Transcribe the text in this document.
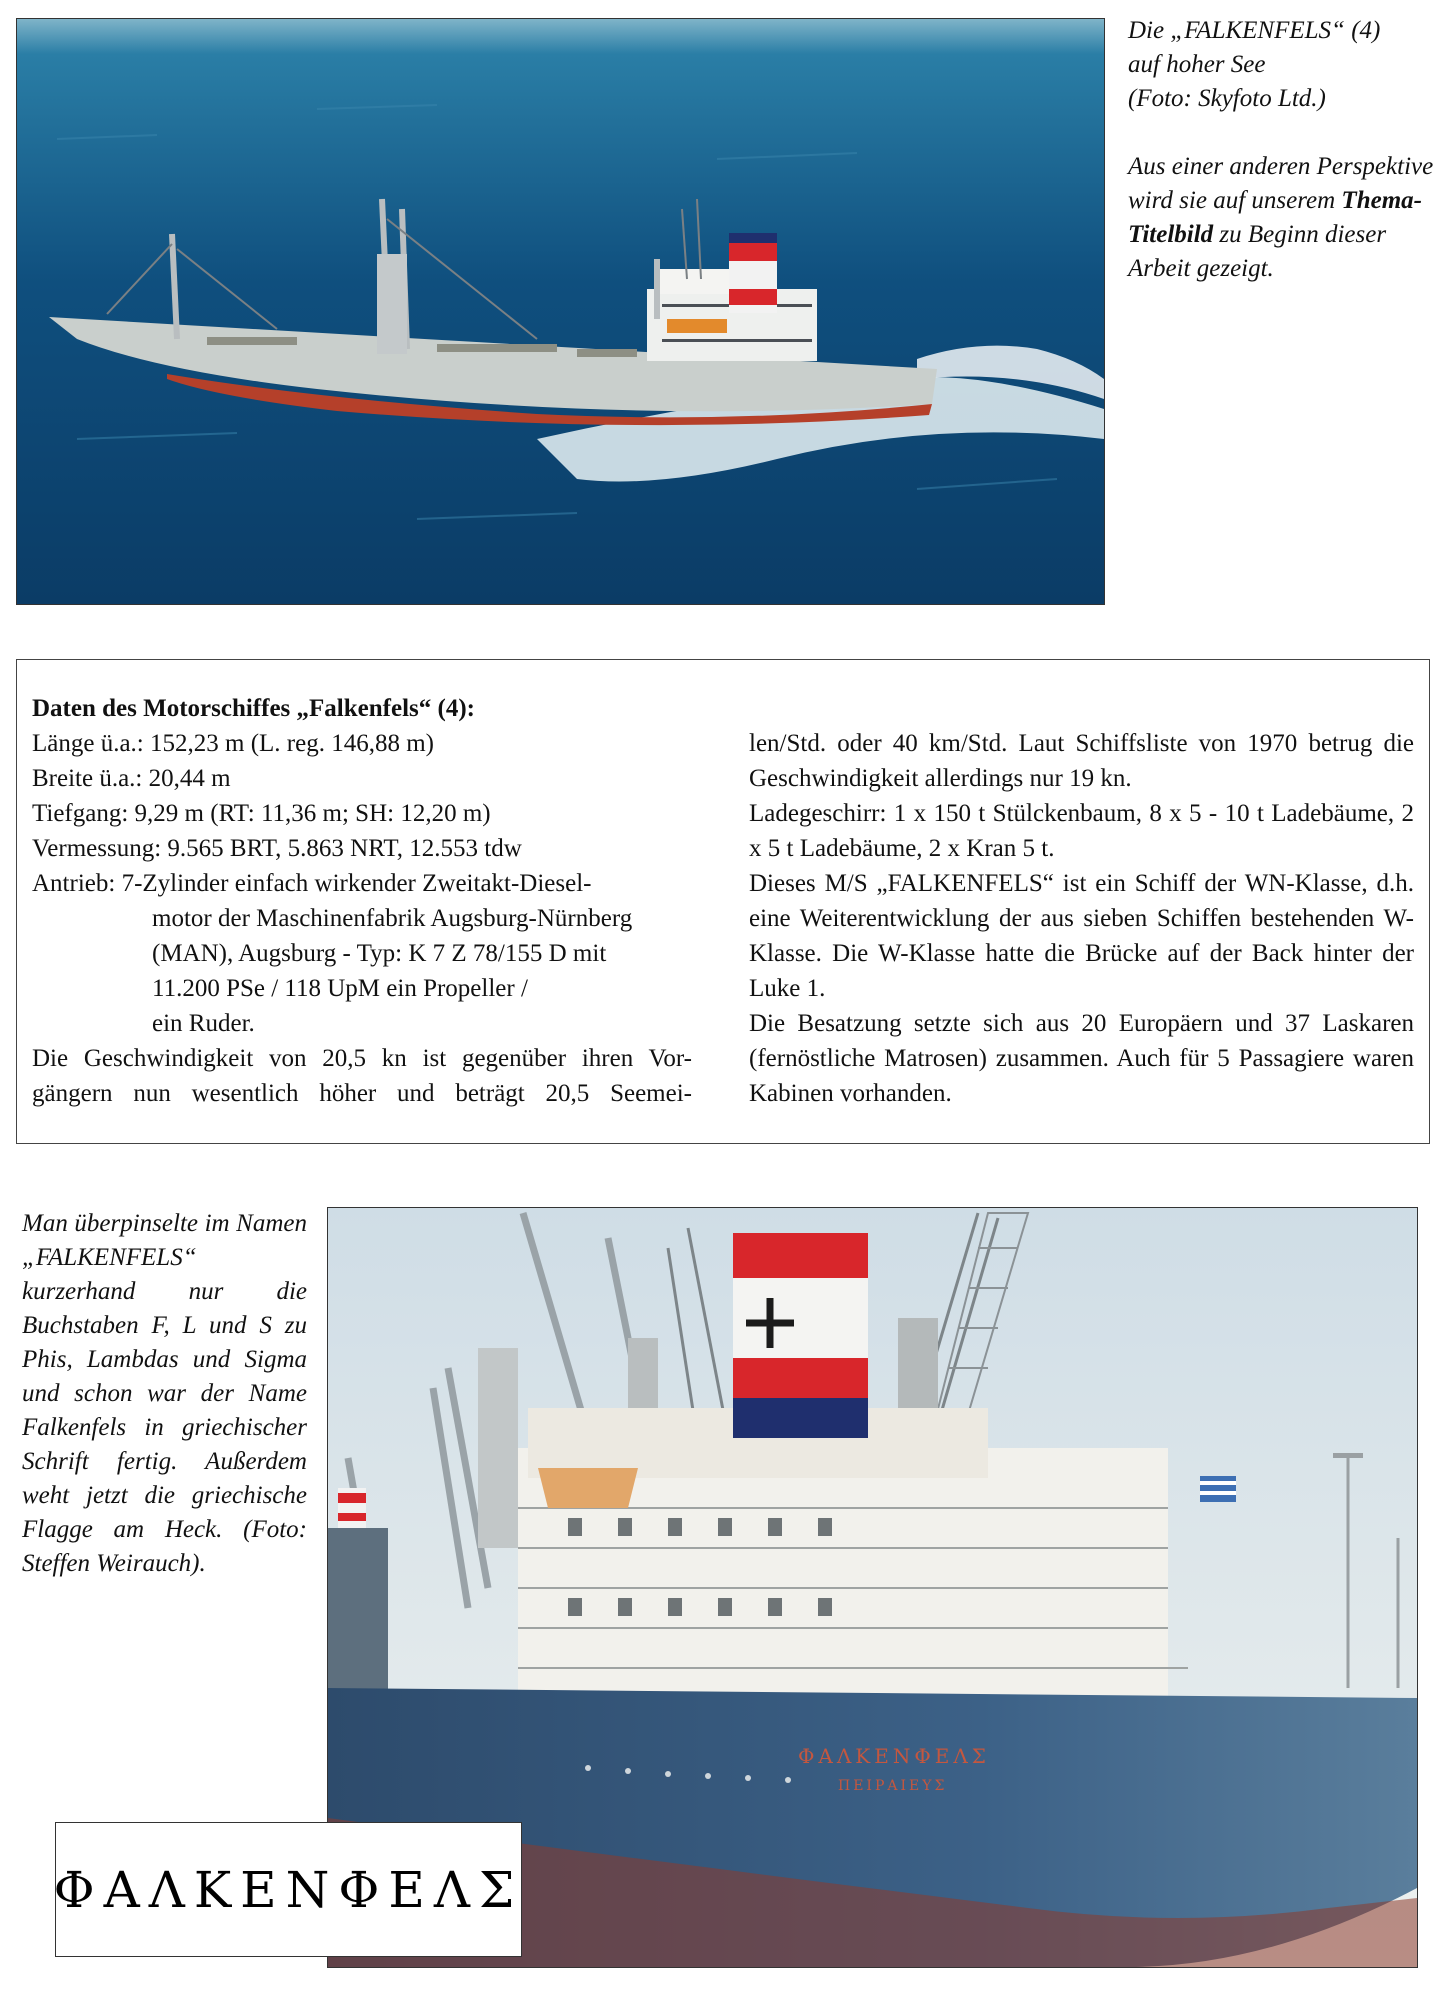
Die „FALKENFELS“ (4)

auf hoher See

(Foto: Skyfoto Ltd.)

Aus einer anderen Perspektive wird sie auf unserem Thema-Titelbild zu Beginn dieser Arbeit gezeigt.

Daten des Motorschiffes „Falkenfels“ (4):
Länge ü.a.: 152,23 m (L. reg. 146,88 m)
Breite ü.a.: 20,44 m
Tiefgang: 9,29 m (RT: 11,36 m; SH: 12,20 m)
Vermessung: 9.565 BRT, 5.863 NRT, 12.553 tdw
Antrieb: 7-Zylinder einfach wirkender Zweitakt-Diesel-
motor der Maschinenfabrik Augsburg-Nürnberg
(MAN), Augsburg - Typ: K 7 Z 78/155 D mit
11.200 PSe / 118 UpM ein Propeller /
ein Ruder.
Die Geschwindigkeit von 20,5 kn ist gegenüber ihren Vor-
gängern nun wesentlich höher und beträgt 20,5 Seemei-
len/Std. oder 40 km/Std. Laut Schiffsliste von 1970 betrug die Geschwindigkeit allerdings nur 19 kn.
Ladegeschirr: 1 x 150 t Stülckenbaum, 8 x 5 - 10 t Ladebäume, 2 x 5 t Ladebäume, 2 x Kran 5 t.
Dieses M/S „FALKENFELS“ ist ein Schiff der WN-Klasse, d.h. eine Weiterentwicklung der aus sieben Schiffen bestehenden W-Klasse. Die W-Klasse hatte die Brücke auf der Back hinter der Luke 1.
Die Besatzung setzte sich aus 20 Europäern und 37 Laskaren (fernöstliche Matrosen) zusammen. Auch für 5 Passagiere waren Kabinen vorhanden.
Man überpinselte im Namen „FALKENFELS“ kurzerhand nur die Buchstaben F, L und S zu Phis, Lambdas und Sigma und schon war der Name Falkenfels in griechischer Schrift fertig. Außerdem weht jetzt die griechische Flagge am Heck. (Foto: Steffen Weirauch).
ΦΑΛΚΕΝΦΕΛΣ
ΠΕΙΡΑΙΕΥΣ
ΦΑΛΚΕΝΦΕΛΣ
